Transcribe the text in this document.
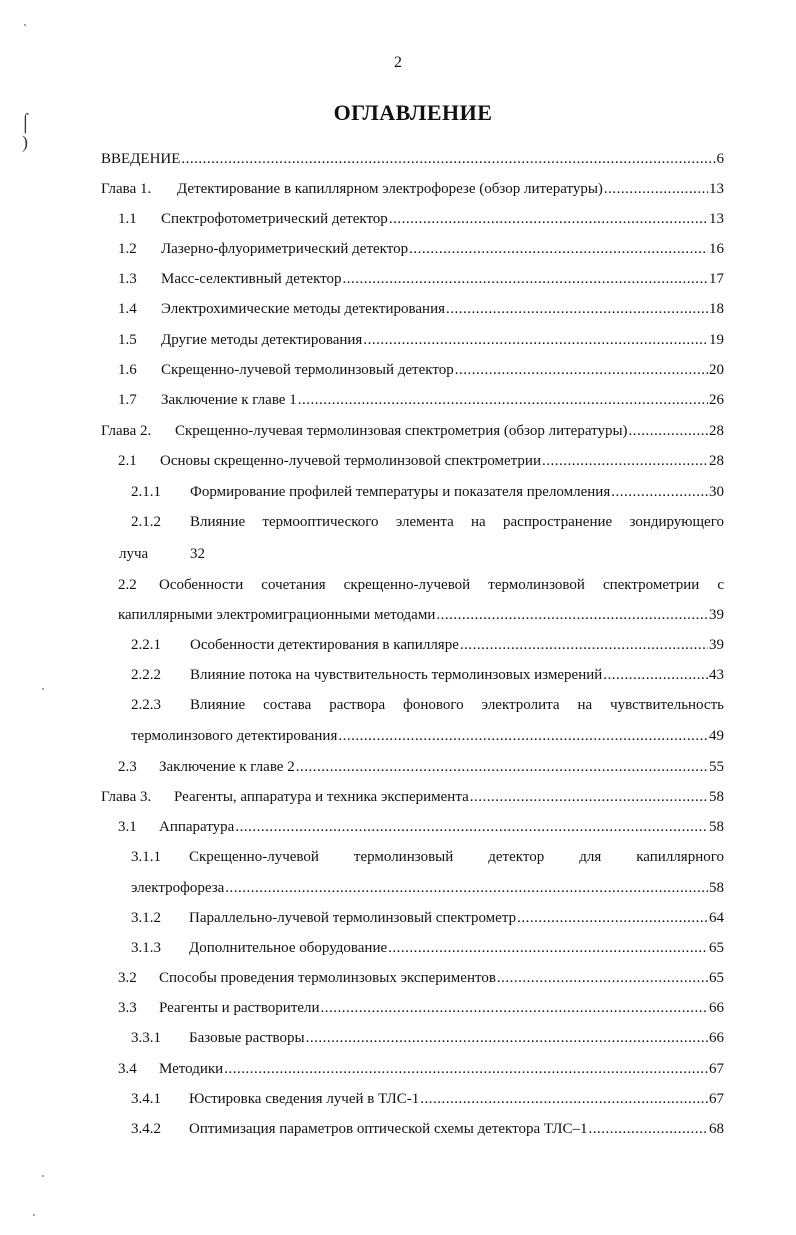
2
ОГЛАВЛЕНИЕ
⌠
)
ВВЕДЕНИЕ .....	6
Глава 1. Детектирование в капиллярном электрофорезе (обзор литературы) .....	13
1.1 Спектрофотометрический детектор .....	13
1.2 Лазерно-флуориметрический детектор .....	16
1.3 Масс-селективный детектор .....	17
1.4 Электрохимические методы детектирования .....	18
1.5 Другие методы детектирования .....	19
1.6 Скрещенно-лучевой термолинзовый детектор .....	20
1.7 Заключение к главе 1 .....	26
Глава 2. Скрещенно-лучевая термолинзовая спектрометрия (обзор литературы) .....	28
2.1 Основы скрещенно-лучевой термолинзовой спектрометрии .....	28
2.1.1 Формирование профилей температуры и показателя преломления .....	30
2.1.2 Влияние термооптического элемента на распространение зондирующего
луча	32
2.2 Особенности сочетания скрещенно-лучевой термолинзовой спектрометрии с
капиллярными электромиграционными методами .....	39
2.2.1 Особенности детектирования в капилляре .....	39
2.2.2 Влияние потока на чувствительность термолинзовых измерений .....	43
2.2.3 Влияние состава раствора фонового электролита на чувствительность
термолинзового детектирования .....	49
2.3 Заключение к главе 2 .....	55
Глава 3. Реагенты, аппаратура и техника эксперимента .....	58
3.1 Аппаратура .....	58
3.1.1 Скрещенно-лучевой термолинзовый детектор для капиллярного
электрофореза .....	58
3.1.2 Параллельно-лучевой термолинзовый спектрометр .....	64
3.1.3 Дополнительное оборудование .....	65
3.2 Способы проведения термолинзовых экспериментов .....	65
3.3 Реагенты и растворители .....	66
3.3.1 Базовые растворы .....	66
3.4 Методики .....	67
3.4.1 Юстировка сведения лучей в ТЛС-1 .....	67
3.4.2 Оптимизация параметров оптической схемы детектора ТЛС–1 .....	68
